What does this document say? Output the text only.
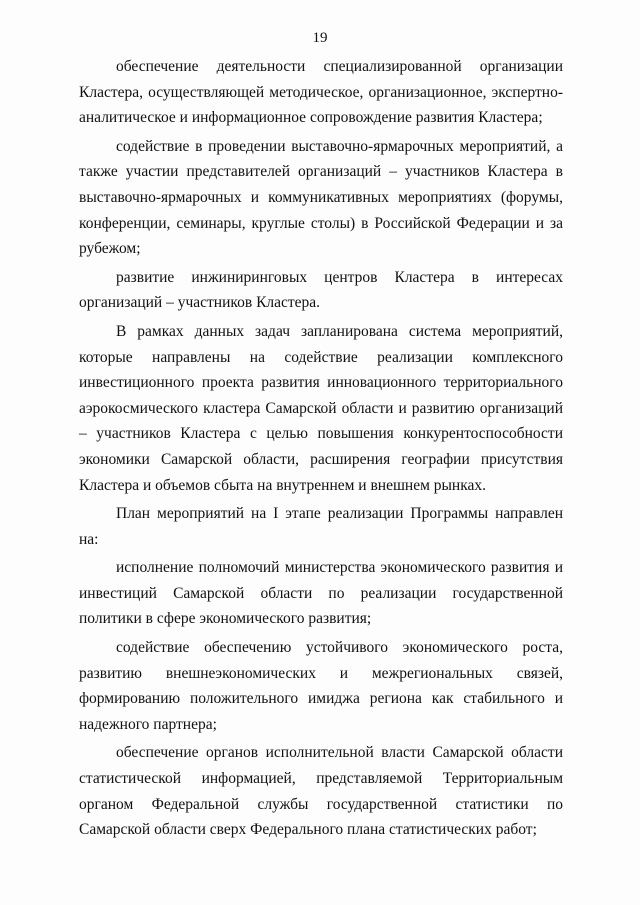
19

обеспечение деятельности специализированной организации Кластера, осуществляющей методическое, организационное, экспертно-аналитическое и информационное сопровождение развития Кластера;

содействие в проведении выставочно-ярмарочных мероприятий, а также участии представителей организаций – участников Кластера в выставочно-ярмарочных и коммуникативных мероприятиях (форумы, конференции, семинары, круглые столы) в Российской Федерации и за рубежом;

развитие инжиниринговых центров Кластера в интересах организаций – участников Кластера.

В рамках данных задач запланирована система мероприятий, которые направлены на содействие реализации комплексного инвестиционного проекта развития инновационного территориального аэрокосмического кластера Самарской области и развитию организаций – участников Кластера с целью повышения конкурентоспособности экономики Самарской области, расширения географии присутствия Кластера и объемов сбыта на внутреннем и внешнем рынках.

План мероприятий на I этапе реализации Программы направлен на:

исполнение полномочий министерства экономического развития и инвестиций Самарской области по реализации государственной политики в сфере экономического развития;

содействие обеспечению устойчивого экономического роста, развитию внешнеэкономических и межрегиональных связей, формированию положительного имиджа региона как стабильного и надежного партнера;

обеспечение органов исполнительной власти Самарской области статистической информацией, представляемой Территориальным органом Федеральной службы государственной статистики по Самарской области сверх Федерального плана статистических работ;
